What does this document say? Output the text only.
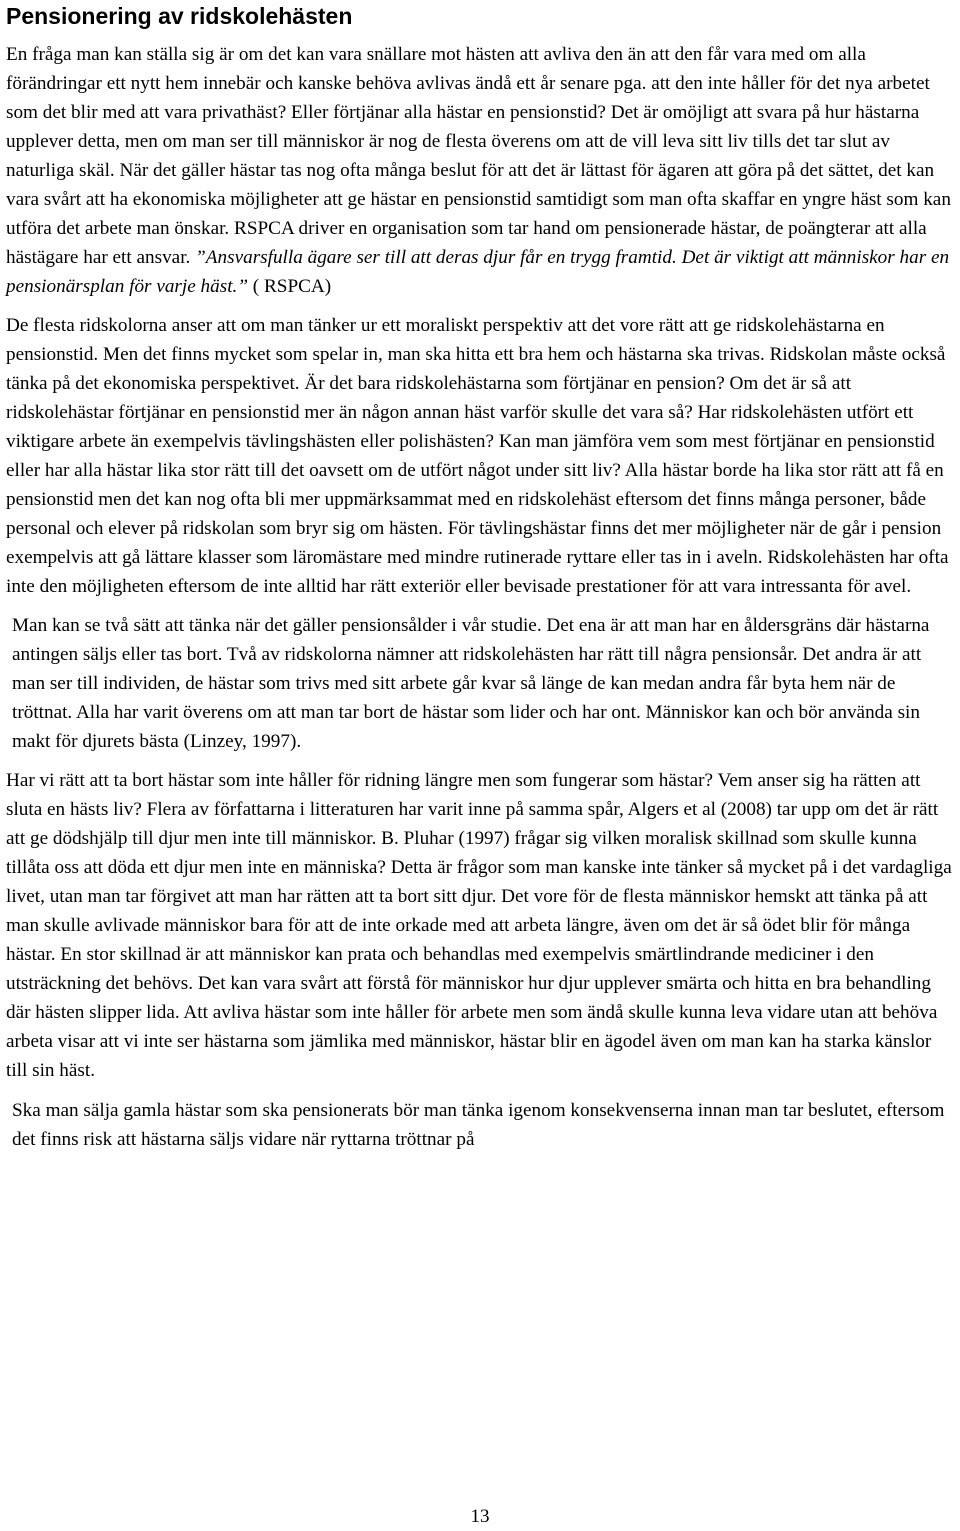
Pensionering av ridskolehästen

En fråga man kan ställa sig är om det kan vara snällare mot hästen att avliva den än att den får vara med om alla förändringar ett nytt hem innebär och kanske behöva avlivas ändå ett år senare pga. att den inte håller för det nya arbetet som det blir med att vara privathäst? Eller förtjänar alla hästar en pensionstid? Det är omöjligt att svara på hur hästarna upplever detta, men om man ser till människor är nog de flesta överens om att de vill leva sitt liv tills det tar slut av naturliga skäl. När det gäller hästar tas nog ofta många beslut för att det är lättast för ägaren att göra på det sättet, det kan vara svårt att ha ekonomiska möjligheter att ge hästar en pensionstid samtidigt som man ofta skaffar en yngre häst som kan utföra det arbete man önskar. RSPCA driver en organisation som tar hand om pensionerade hästar, de poängterar att alla hästägare har ett ansvar. ”Ansvarsfulla ägare ser till att deras djur får en trygg framtid. Det är viktigt att människor har en pensionärsplan för varje häst.” ( RSPCA)

De flesta ridskolorna anser att om man tänker ur ett moraliskt perspektiv att det vore rätt att ge ridskolehästarna en pensionstid. Men det finns mycket som spelar in, man ska hitta ett bra hem och hästarna ska trivas. Ridskolan måste också tänka på det ekonomiska perspektivet. Är det bara ridskolehästarna som förtjänar en pension? Om det är så att ridskolehästar förtjänar en pensionstid mer än någon annan häst varför skulle det vara så? Har ridskolehästen utfört ett viktigare arbete än exempelvis tävlingshästen eller polishästen? Kan man jämföra vem som mest förtjänar en pensionstid eller har alla hästar lika stor rätt till det oavsett om de utfört något under sitt liv? Alla hästar borde ha lika stor rätt att få en pensionstid men det kan nog ofta bli mer uppmärksammat med en ridskolehäst eftersom det finns många personer, både personal och elever på ridskolan som bryr sig om hästen. För tävlingshästar finns det mer möjligheter när de går i pension exempelvis att gå lättare klasser som läromästare med mindre rutinerade ryttare eller tas in i aveln. Ridskolehästen har ofta inte den möjligheten eftersom de inte alltid har rätt exteriör eller bevisade prestationer för att vara intressanta för avel.

Man kan se två sätt att tänka när det gäller pensionsålder i vår studie. Det ena är att man har en åldersgräns där hästarna antingen säljs eller tas bort. Två av ridskolorna nämner att ridskolehästen har rätt till några pensionsår. Det andra är att man ser till individen, de hästar som trivs med sitt arbete går kvar så länge de kan medan andra får byta hem när de tröttnat. Alla har varit överens om att man tar bort de hästar som lider och har ont. Människor kan och bör använda sin makt för djurets bästa (Linzey, 1997).

Har vi rätt att ta bort hästar som inte håller för ridning längre men som fungerar som hästar? Vem anser sig ha rätten att sluta en hästs liv? Flera av författarna i litteraturen har varit inne på samma spår, Algers et al (2008) tar upp om det är rätt att ge dödshjälp till djur men inte till människor. B. Pluhar (1997) frågar sig vilken moralisk skillnad som skulle kunna tillåta oss att döda ett djur men inte en människa? Detta är frågor som man kanske inte tänker så mycket på i det vardagliga livet, utan man tar förgivet att man har rätten att ta bort sitt djur. Det vore för de flesta människor hemskt att tänka på att man skulle avlivade människor bara för att de inte orkade med att arbeta längre, även om det är så ödet blir för många hästar. En stor skillnad är att människor kan prata och behandlas med exempelvis smärtlindrande mediciner i den utsträckning det behövs. Det kan vara svårt att förstå för människor hur djur upplever smärta och hitta en bra behandling där hästen slipper lida. Att avliva hästar som inte håller för arbete men som ändå skulle kunna leva vidare utan att behöva arbeta visar att vi inte ser hästarna som jämlika med människor, hästar blir en ägodel även om man kan ha starka känslor till sin häst.

Ska man sälja gamla hästar som ska pensionerats bör man tänka igenom konsekvenserna innan man tar beslutet, eftersom det finns risk att hästarna säljs vidare när ryttarna tröttnar på

13
